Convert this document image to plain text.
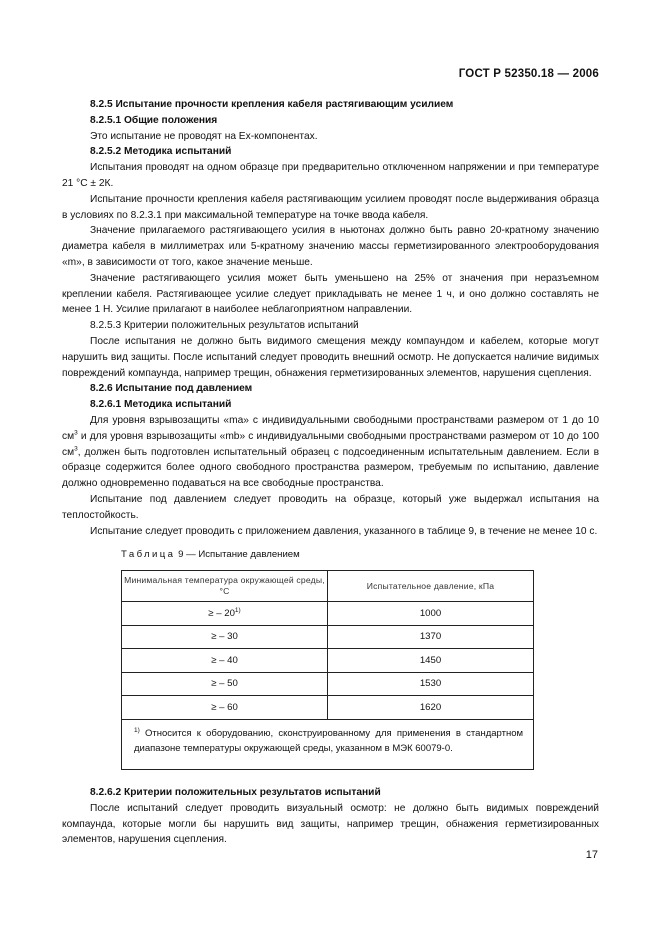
ГОСТ Р 52350.18 — 2006

8.2.5 Испытание прочности крепления кабеля растягивающим усилием

8.2.5.1 Общие положения

Это испытание не проводят на Ex-компонентах.

8.2.5.2 Методика испытаний

Испытания проводят на одном образце при предварительно отключенном напряжении и при температуре 21 °С ± 2К.

Испытание прочности крепления кабеля растягивающим усилием проводят после выдерживания образца в условиях по 8.2.3.1 при максимальной температуре на точке ввода кабеля.

Значение прилагаемого растягивающего усилия в ньютонах должно быть равно 20-кратному значению диаметра кабеля в миллиметрах или 5-кратному значению массы герметизированного электрооборудования «m», в зависимости от того, какое значение меньше.

Значение растягивающего усилия может быть уменьшено на 25% от значения при неразъемном креплении кабеля. Растягивающее усилие следует прикладывать не менее 1 ч, и оно должно составлять не менее 1 Н. Усилие прилагают в наиболее неблагоприятном направлении.

8.2.5.3 Критерии положительных результатов испытаний

После испытания не должно быть видимого смещения между компаундом и кабелем, которые могут нарушить вид защиты. После испытаний следует проводить внешний осмотр. Не допускается наличие видимых повреждений компаунда, например трещин, обнажения герметизированных элементов, нарушения сцепления.

8.2.6 Испытание под давлением

8.2.6.1 Методика испытаний

Для уровня взрывозащиты «ma» с индивидуальными свободными пространствами размером от 1 до 10 $см^3$ и для уровня взрывозащиты «mb» с индивидуальными свободными пространствами размером от 10 до 100 $см^3$, должен быть подготовлен испытательный образец с подсоединенным испытательным давлением. Если в образце содержится более одного свободного пространства размером, требуемым по испытанию, давление должно одновременно подаваться на все свободные пространства.

Испытание под давлением следует проводить на образце, который уже выдержал испытания на теплостойкость.

Испытание следует проводить с приложением давления, указанного в таблице 9, в течение не менее 10 с.

Таблица 9 — Испытание давлением
Минимальная температура окружающей среды, °С	Испытательное давление, кПа
≥ – 20$^{1)}$	1000
≥ – 30	1370
≥ – 40	1450
≥ – 50	1530
≥ – 60	1620
$^{1)}$ Относится к оборудованию, сконструированному для применения в стандартном диапазоне температуры окружающей среды, указанном в МЭК 60079-0.

8.2.6.2 Критерии положительных результатов испытаний

После испытаний следует проводить визуальный осмотр: не должно быть видимых повреждений компаунда, которые могли бы нарушить вид защиты, например трещин, обнажения герметизированных элементов, нарушения сцепления.

17
